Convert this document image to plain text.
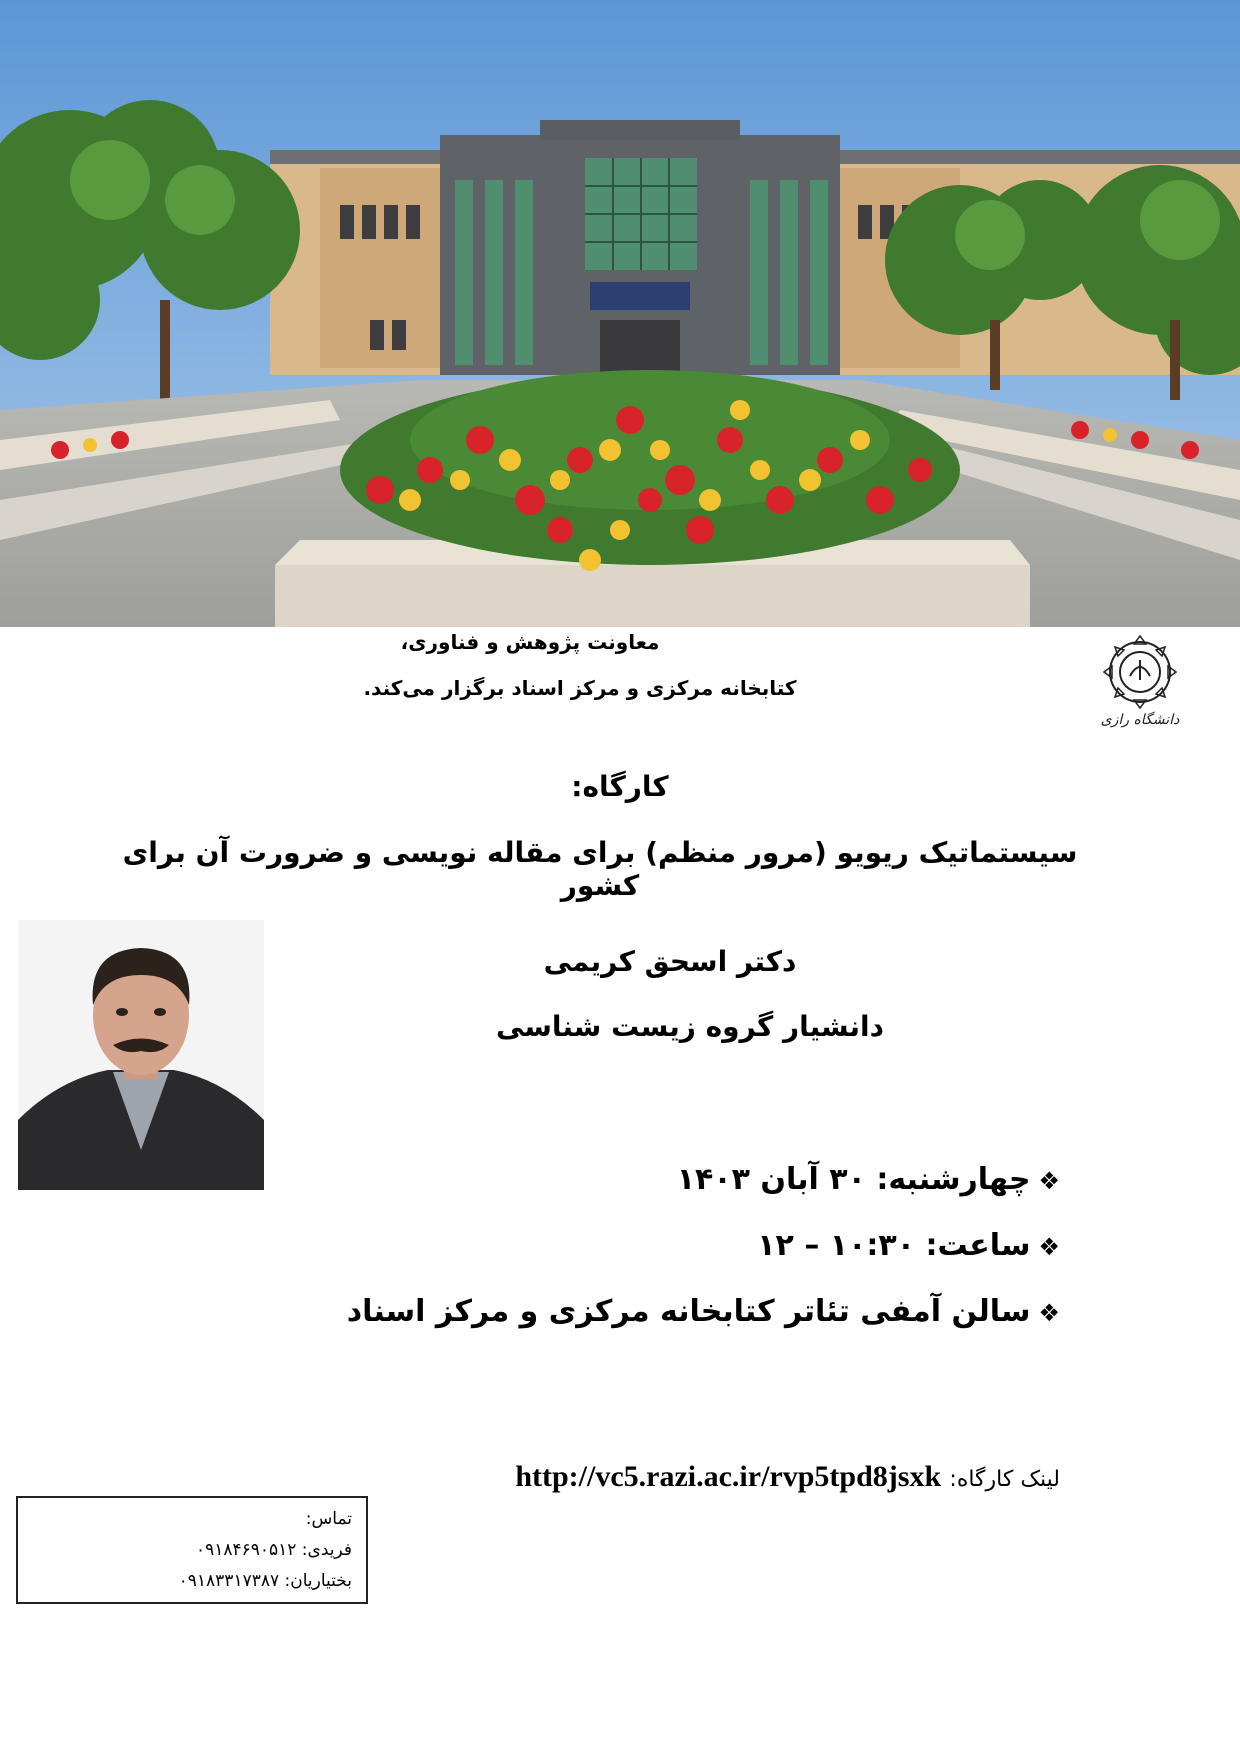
معاونت پژوهش و فناوری،
کتابخانه مرکزی و مرکز اسناد برگزار می‌کند.
دانشگاه رازی
کارگاه:
سیستماتیک ریویو (مرور منظم) برای مقاله نویسی و ضرورت آن برای کشور
دکتر اسحق کریمی
دانشیار گروه زیست شناسی
❖چهارشنبه: ۳۰ آبان ۱۴۰۳
❖ساعت: ۱۰:۳۰ – ۱۲
❖سالن آمفی تئاتر کتابخانه مرکزی و مرکز اسناد
لینک کارگاه: http://vc5.razi.ac.ir/rvp5tpd8jsxk
تماس:
فریدی: ۰۹۱۸۴۶۹۰۵۱۲
بختیاریان: ۰۹۱۸۳۳۱۷۳۸۷
